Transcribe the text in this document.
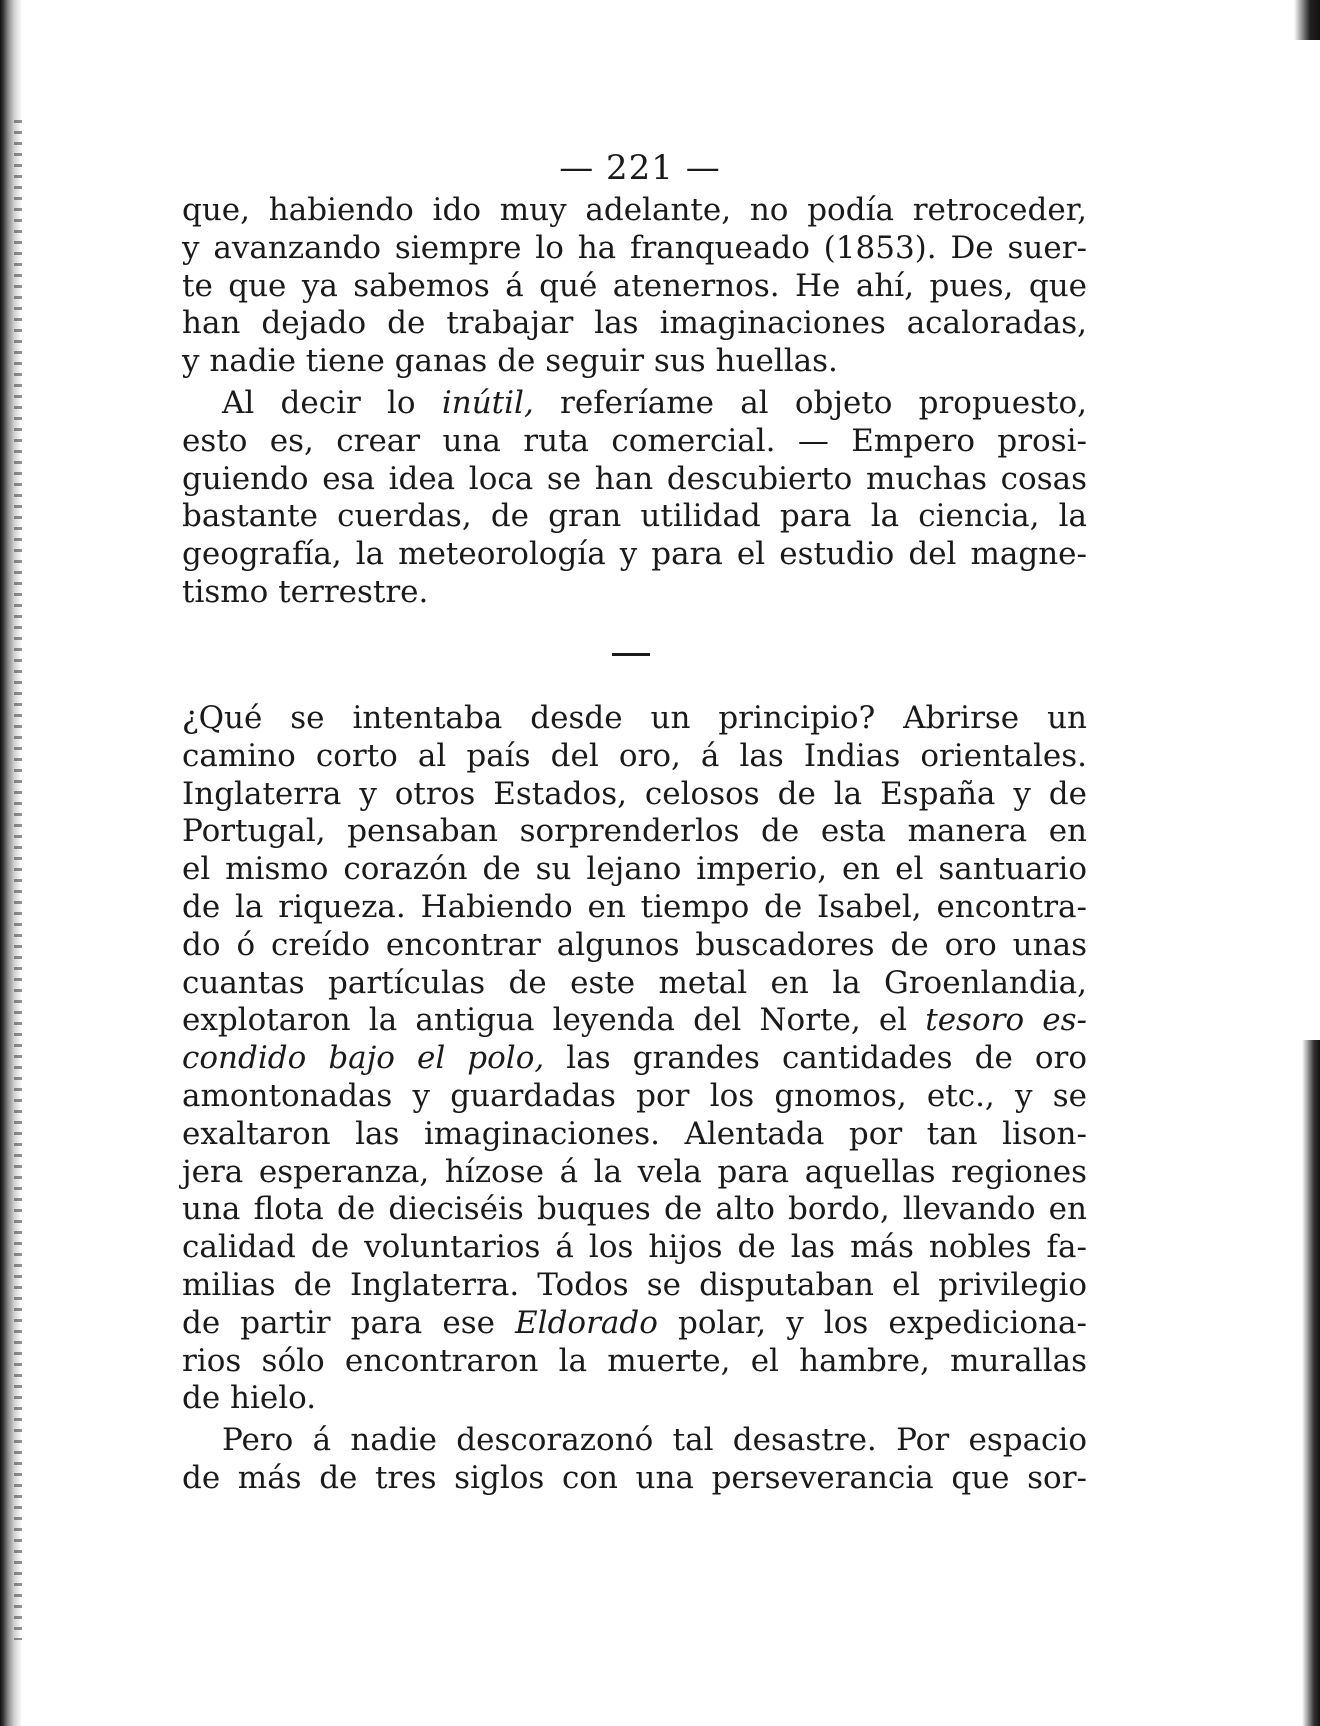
— 221 —

que, habiendo ido muy adelante, no podía retroceder,
y avanzando siempre lo ha franqueado (1853). De suer-
te que ya sabemos á qué atenernos. He ahí, pues, que
han dejado de trabajar las imaginaciones acaloradas,
y nadie tiene ganas de seguir sus huellas.

Al decir lo inútil, referíame al objeto propuesto,
esto es, crear una ruta comercial. — Empero prosi-
guiendo esa idea loca se han descubierto muchas cosas
bastante cuerdas, de gran utilidad para la ciencia, la
geografía, la meteorología y para el estudio del magne-
tismo terrestre.

¿Qué se intentaba desde un principio? Abrirse un
camino corto al país del oro, á las Indias orientales.
Inglaterra y otros Estados, celosos de la España y de
Portugal, pensaban sorprenderlos de esta manera en
el mismo corazón de su lejano imperio, en el santuario
de la riqueza. Habiendo en tiempo de Isabel, encontra-
do ó creído encontrar algunos buscadores de oro unas
cuantas partículas de este metal en la Groenlandia,
explotaron la antigua leyenda del Norte, el tesoro es-
condido bajo el polo, las grandes cantidades de oro
amontonadas y guardadas por los gnomos, etc., y se
exaltaron las imaginaciones. Alentada por tan lison-
jera esperanza, hízose á la vela para aquellas regiones
una flota de dieciséis buques de alto bordo, llevando en
calidad de voluntarios á los hijos de las más nobles fa-
milias de Inglaterra. Todos se disputaban el privilegio
de partir para ese Eldorado polar, y los expediciona-
rios sólo encontraron la muerte, el hambre, murallas
de hielo.

Pero á nadie descorazonó tal desastre. Por espacio
de más de tres siglos con una perseverancia que sor-
